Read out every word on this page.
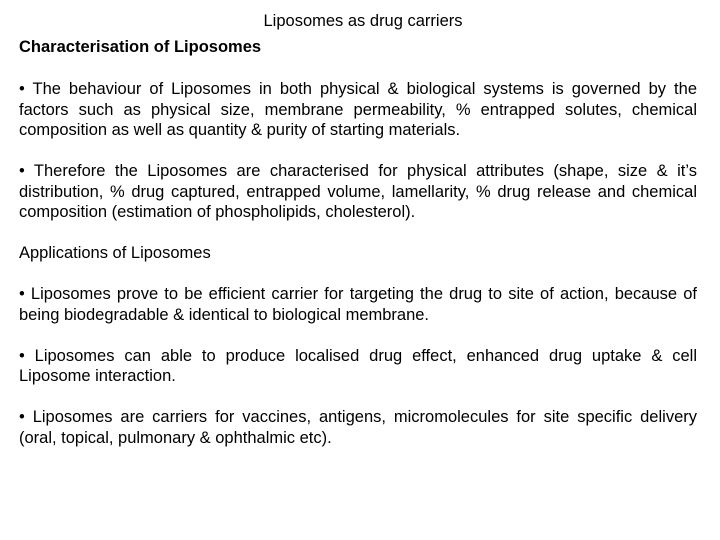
Liposomes as drug carriers

Characterisation of Liposomes

• The behaviour of Liposomes in both physical & biological systems is governed by the factors such as physical size, membrane permeability, % entrapped solutes, chemical composition as well as quantity & purity of starting materials.

• Therefore the Liposomes are characterised for physical attributes (shape, size & it’s distribution, % drug captured, entrapped volume, lamellarity, % drug release and chemical composition (estimation of phospholipids, cholesterol).

Applications of Liposomes

• Liposomes prove to be efficient carrier for targeting the drug to site of action, because of being biodegradable & identical to biological membrane.

• Liposomes can able to produce localised drug effect, enhanced drug uptake & cell Liposome interaction.

• Liposomes are carriers for vaccines, antigens, micromolecules for site specific delivery (oral, topical, pulmonary & ophthalmic etc).
